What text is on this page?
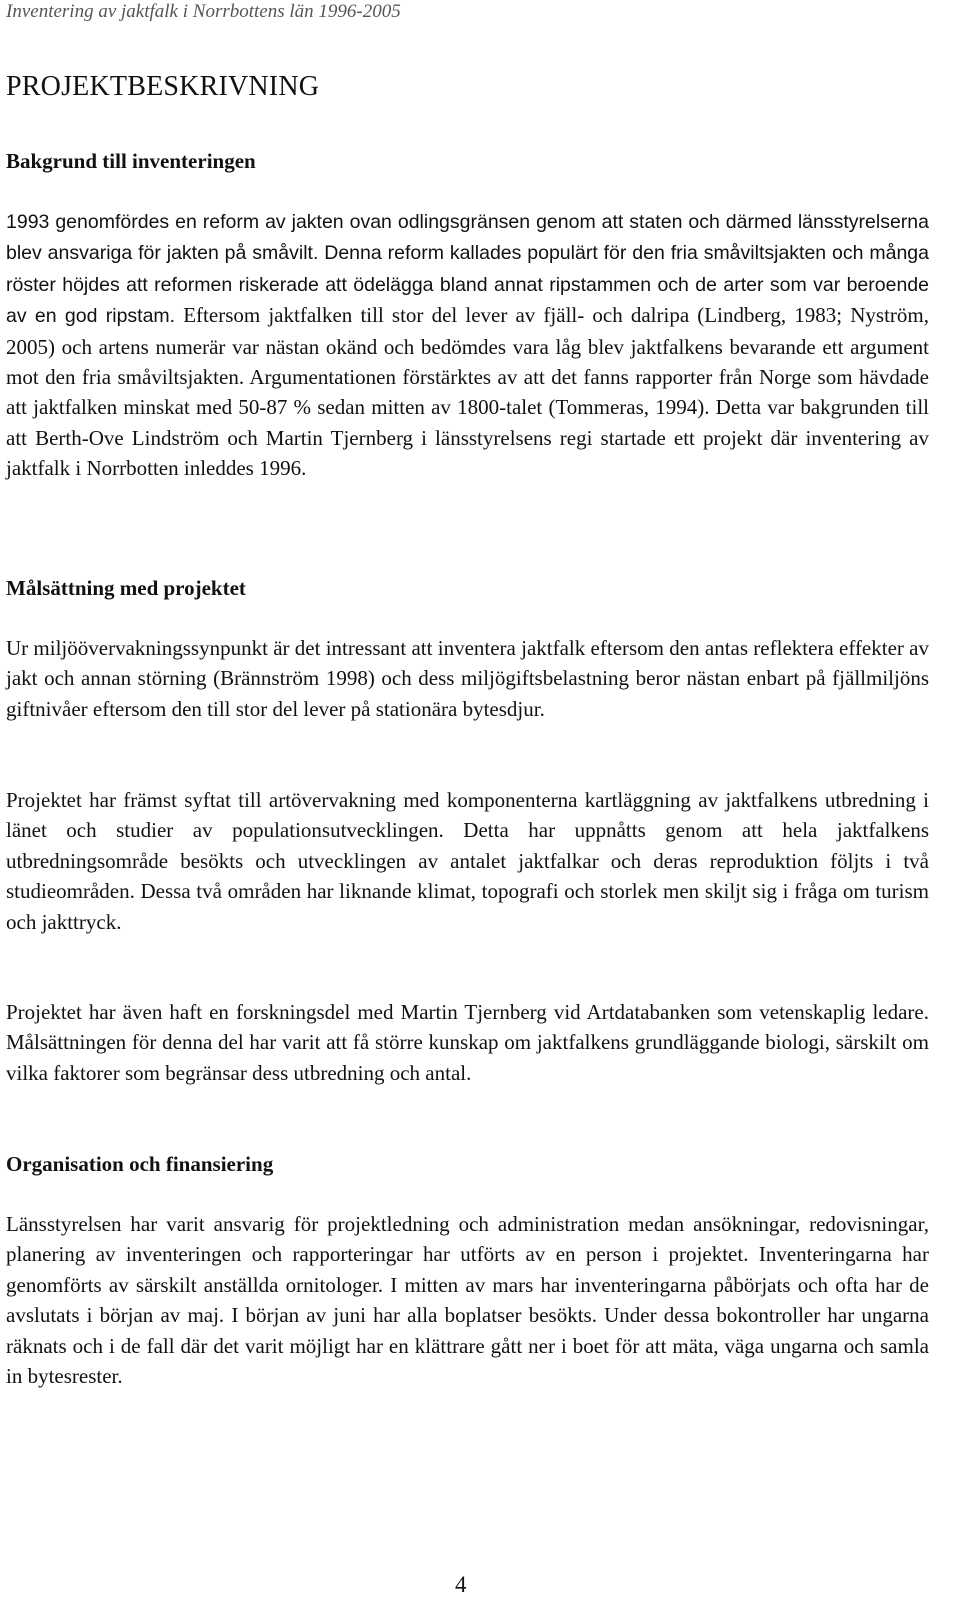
Inventering av jaktfalk i Norrbottens län 1996-2005
PROJEKTBESKRIVNING
Bakgrund till inventeringen

1993 genomfördes en reform av jakten ovan odlingsgränsen genom att staten och därmed länsstyrelserna blev ansvariga för jakten på småvilt. Denna reform kallades populärt för den fria småviltsjakten och många röster höjdes att reformen riskerade att ödelägga bland annat ripstammen och de arter som var beroende av en god ripstam. Eftersom jaktfalken till stor del lever av fjäll- och dalripa (Lindberg, 1983; Nyström, 2005) och artens numerär var nästan okänd och bedömdes vara låg blev jaktfalkens bevarande ett argument mot den fria småviltsjakten. Argumentationen förstärktes av att det fanns rapporter från Norge som hävdade att jaktfalken minskat med 50-87 % sedan mitten av 1800-talet (Tommeras, 1994). Detta var bakgrunden till att Berth-Ove Lindström och Martin Tjernberg i länsstyrelsens regi startade ett projekt där inventering av jaktfalk i Norrbotten inleddes 1996.

Målsättning med projektet

Ur miljöövervakningssynpunkt är det intressant att inventera jaktfalk eftersom den antas reflektera effekter av jakt och annan störning (Brännström 1998) och dess miljögiftsbelastning beror nästan enbart på fjällmiljöns giftnivåer eftersom den till stor del lever på stationära bytesdjur.

Projektet har främst syftat till artövervakning med komponenterna kartläggning av jaktfalkens utbredning i länet och studier av populationsutvecklingen. Detta har uppnåtts genom att hela jaktfalkens utbredningsområde besökts och utvecklingen av antalet jaktfalkar och deras reproduktion följts i två studieområden. Dessa två områden har liknande klimat, topografi och storlek men skiljt sig i fråga om turism och jakttryck.

Projektet har även haft en forskningsdel med Martin Tjernberg vid Artdatabanken som vetenskaplig ledare. Målsättningen för denna del har varit att få större kunskap om jaktfalkens grundläggande biologi, särskilt om vilka faktorer som begränsar dess utbredning och antal.

Organisation och finansiering

Länsstyrelsen har varit ansvarig för projektledning och administration medan ansökningar, redovisningar, planering av inventeringen och rapporteringar har utförts av en person i projektet. Inventeringarna har genomförts av särskilt anställda ornitologer. I mitten av mars har inventeringarna påbörjats och ofta har de avslutats i början av maj. I början av juni har alla boplatser besökts. Under dessa bokontroller har ungarna räknats och i de fall där det varit möjligt har en klättrare gått ner i boet för att mäta, väga ungarna och samla in bytesrester.

4
